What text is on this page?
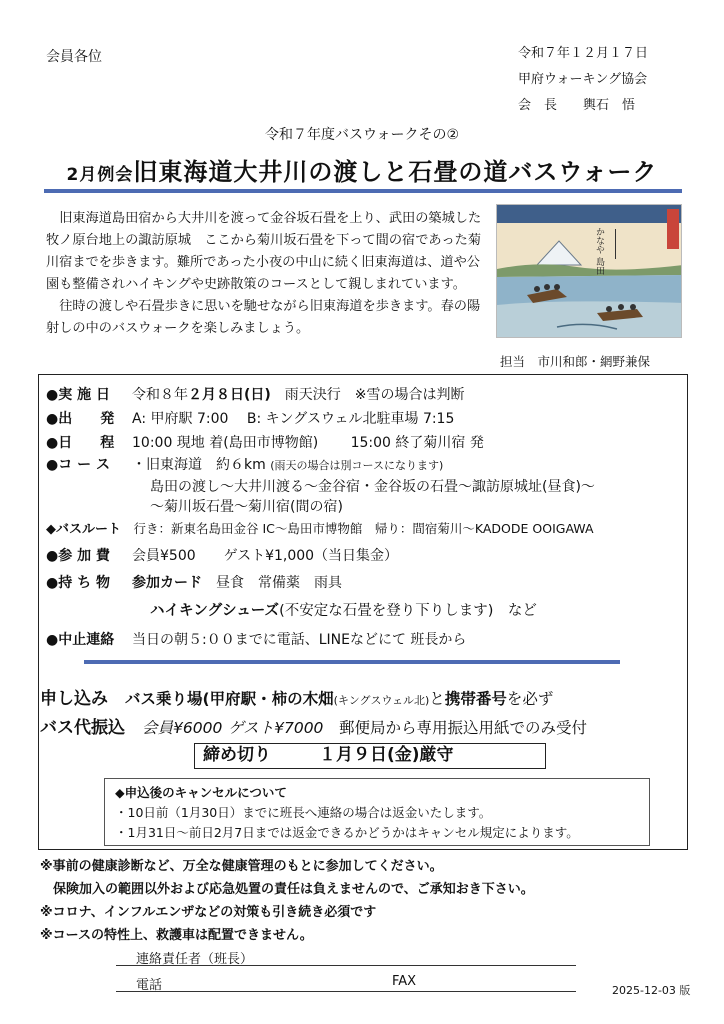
会員各位	令和７年１２月１７日
甲府ウォーキング協会
会　長　　輿石　悟
令和７年度バスウォークその②
2月例会旧東海道大井川の渡しと石畳の道バスウォーク

旧東海道島田宿から大井川を渡って金谷坂石畳を上り、武田の築城した牧ノ原台地上の諏訪原城　ここから菊川坂石畳を下って間の宿であった菊川宿までを歩きます。難所であった小夜の中山に続く旧東海道は、道や公園も整備されハイキングや史跡散策のコースとして親しまれています。

往時の渡しや石畳歩きに思いを馳せながら旧東海道を歩きます。春の陽射しの中のバスウォークを楽しみましょう。

かなや 島田
担当　市川和郎・網野兼保
●実 施 日 令和８年２月８日(日)　雨天決行　※雪の場合は判断
●出　　発 A: 甲府駅 7:00　 B: キングスウェル北駐車場 7:15
●日　　程 10:00 現地 着(島田市博物館)　　 15:00 終了菊川宿 発
●コ ー ス ・旧東海道　約６km (雨天の場合は別コースになります)
島田の渡し～大井川渡る～金谷宿・金谷坂の石畳～諏訪原城址(昼食)～
～菊川坂石畳～菊川宿(間の宿)
◆バスルート　 行き：新東名島田金谷 IC～島田市博物館　帰り：間宿菊川～KADODE OOIGAWA
●参 加 費 会員¥500　　ゲスト¥1,000（当日集金）
●持 ち 物 参加カード　昼食　常備薬　雨具
ハイキングシューズ(不安定な石畳を登り下りします)　など
●中止連絡 当日の朝５:００までに電話、LINEなどにて 班長から
申し込み　 バス乗り場(甲府駅・柿の木畑(キングスウェル北)と携帯番号を必ず
バス代振込　 会員¥6000 ゲスト¥7000　郵便局から専用振込用紙でのみ受付
締め切り	１月９日(金)厳守
◆申込後のキャンセルについて
・10日前（1月30日）までに班長へ連絡の場合は返金いたします。
・1月31日～前日2月7日までは返金できるかどうかはキャンセル規定によります。
※事前の健康診断など、万全な健康管理のもとに参加してください。
　保険加入の範囲以外および応急処置の責任は負えませんので、ご承知おき下さい。
※コロナ、インフルエンザなどの対策も引き続き必須です
※コースの特性上、救護車は配置できません。
連絡責任者（班長）
電話	FAX
2025-12-03 版
